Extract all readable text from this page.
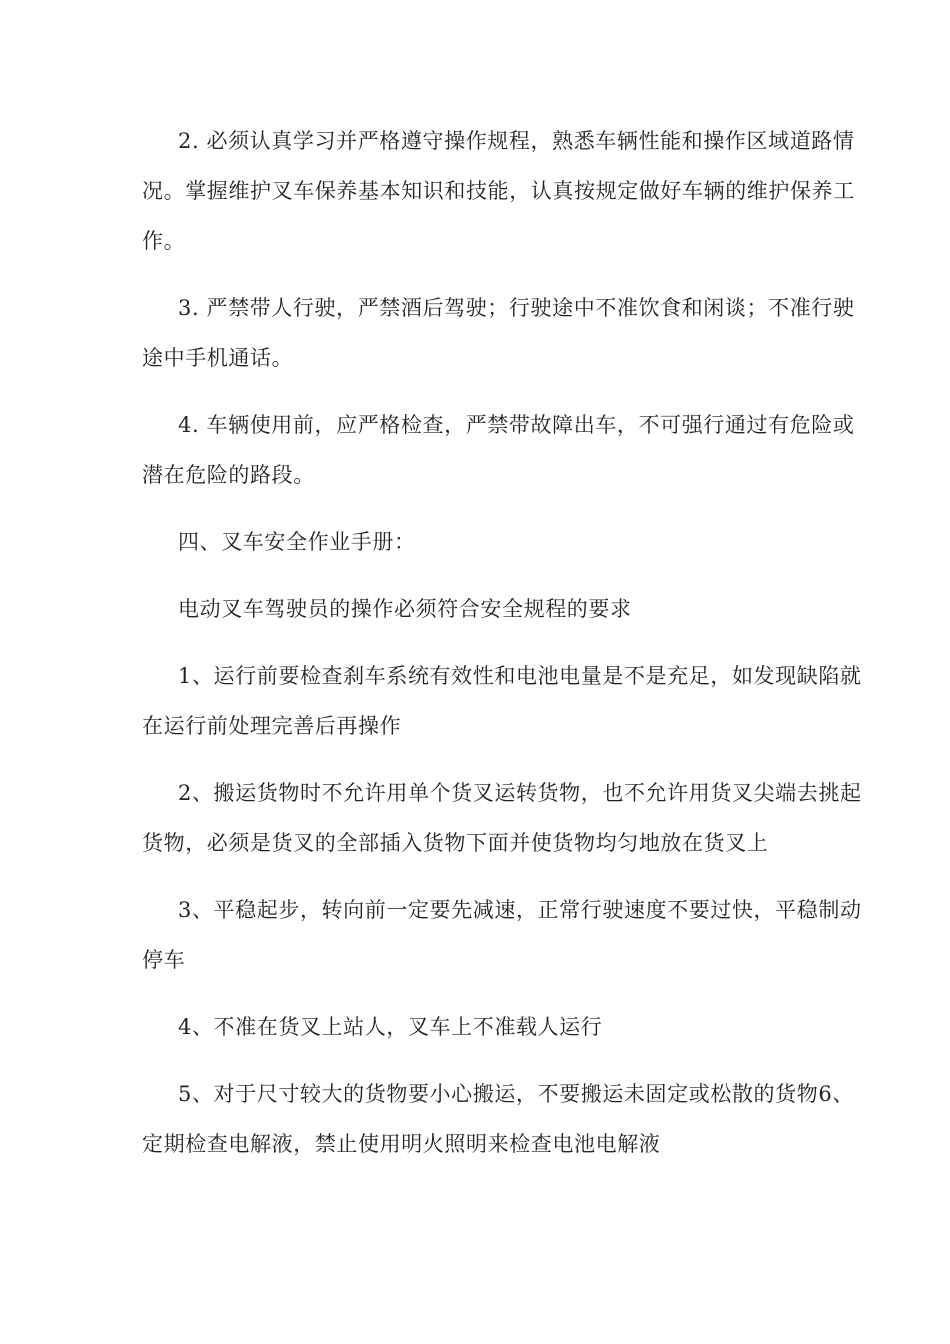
2. 必须认真学习并严格遵守操作规程，熟悉车辆性能和操作区域道路情况。掌握维护叉车保养基本知识和技能，认真按规定做好车辆的维护保养工作。

3. 严禁带人行驶，严禁酒后驾驶；行驶途中不准饮食和闲谈；不准行驶途中手机通话。

4. 车辆使用前，应严格检查，严禁带故障出车，不可强行通过有危险或潜在危险的路段。

四、叉车安全作业手册：

电动叉车驾驶员的操作必须符合安全规程的要求

1、运行前要检查刹车系统有效性和电池电量是不是充足，如发现缺陷就在运行前处理完善后再操作

2、搬运货物时不允许用单个货叉运转货物，也不允许用货叉尖端去挑起货物，必须是货叉的全部插入货物下面并使货物均匀地放在货叉上

3、平稳起步，转向前一定要先减速，正常行驶速度不要过快，平稳制动停车

4、不准在货叉上站人，叉车上不准载人运行

5、对于尺寸较大的货物要小心搬运，不要搬运未固定或松散的货物6、定期检查电解液，禁止使用明火照明来检查电池电解液
